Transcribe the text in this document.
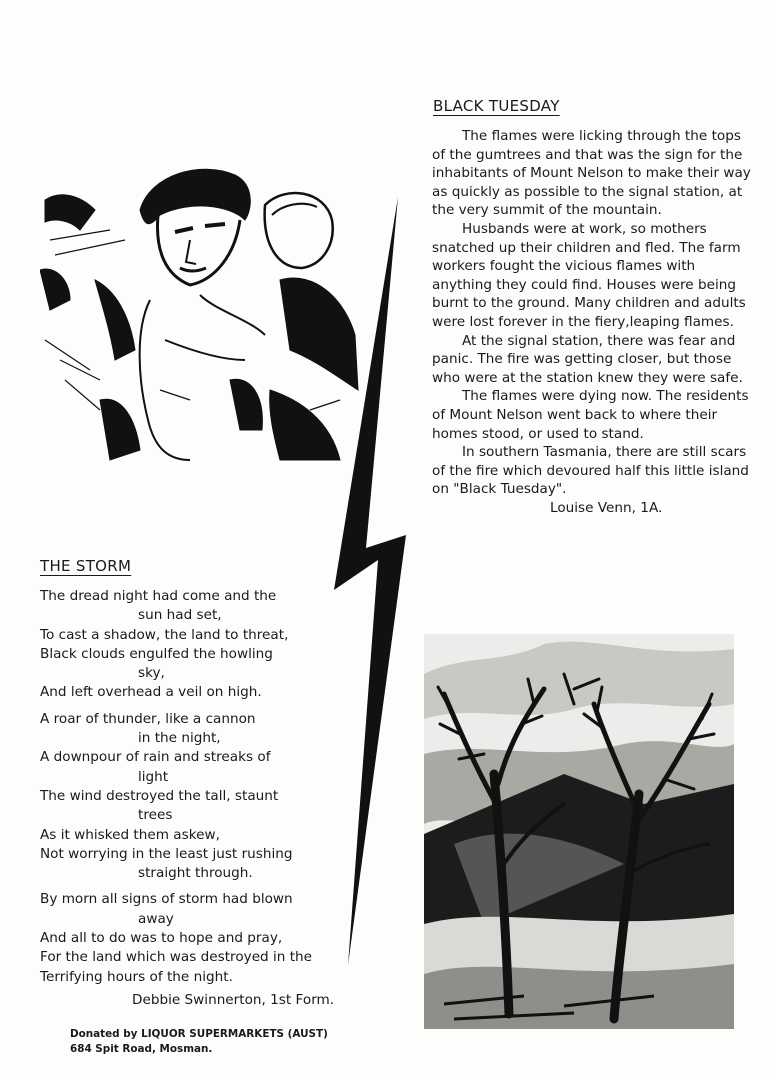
THE STORM
The dread night had come and the
sun had set,
To cast a shadow, the land to threat,
Black clouds engulfed the howling
sky,
And left overhead a veil on high.
A roar of thunder, like a cannon
in the night,
A downpour of rain and streaks of
light
The wind destroyed the tall, staunt
trees
As it whisked them askew,
Not worrying in the least just rushing
straight through.
By morn all signs of storm had blown
away
And all to do was to hope and pray,
For the land which was destroyed in the
Terrifying hours of the night.
Debbie Swinnerton, 1st Form.
BLACK TUESDAY

The flames were licking through the tops of the gumtrees and that was the sign for the inhabitants of Mount Nelson to make their way as quickly as possible to the signal station, at the very summit of the mountain.

Husbands were at work, so mothers snatched up their children and fled. The farm workers fought the vicious flames with anything they could find. Houses were being burnt to the ground. Many children and adults were lost forever in the fiery,leaping flames.

At the signal station, there was fear and panic. The fire was getting closer, but those who were at the station knew they were safe.

The flames were dying now. The residents of Mount Nelson went back to where their homes stood, or used to stand.

In southern Tasmania, there are still scars of the fire which devoured half this little island on "Black Tuesday".

Louise Venn, 1A.

Donated by LIQUOR SUPERMARKETS (AUST)
684 Spit Road, Mosman.
